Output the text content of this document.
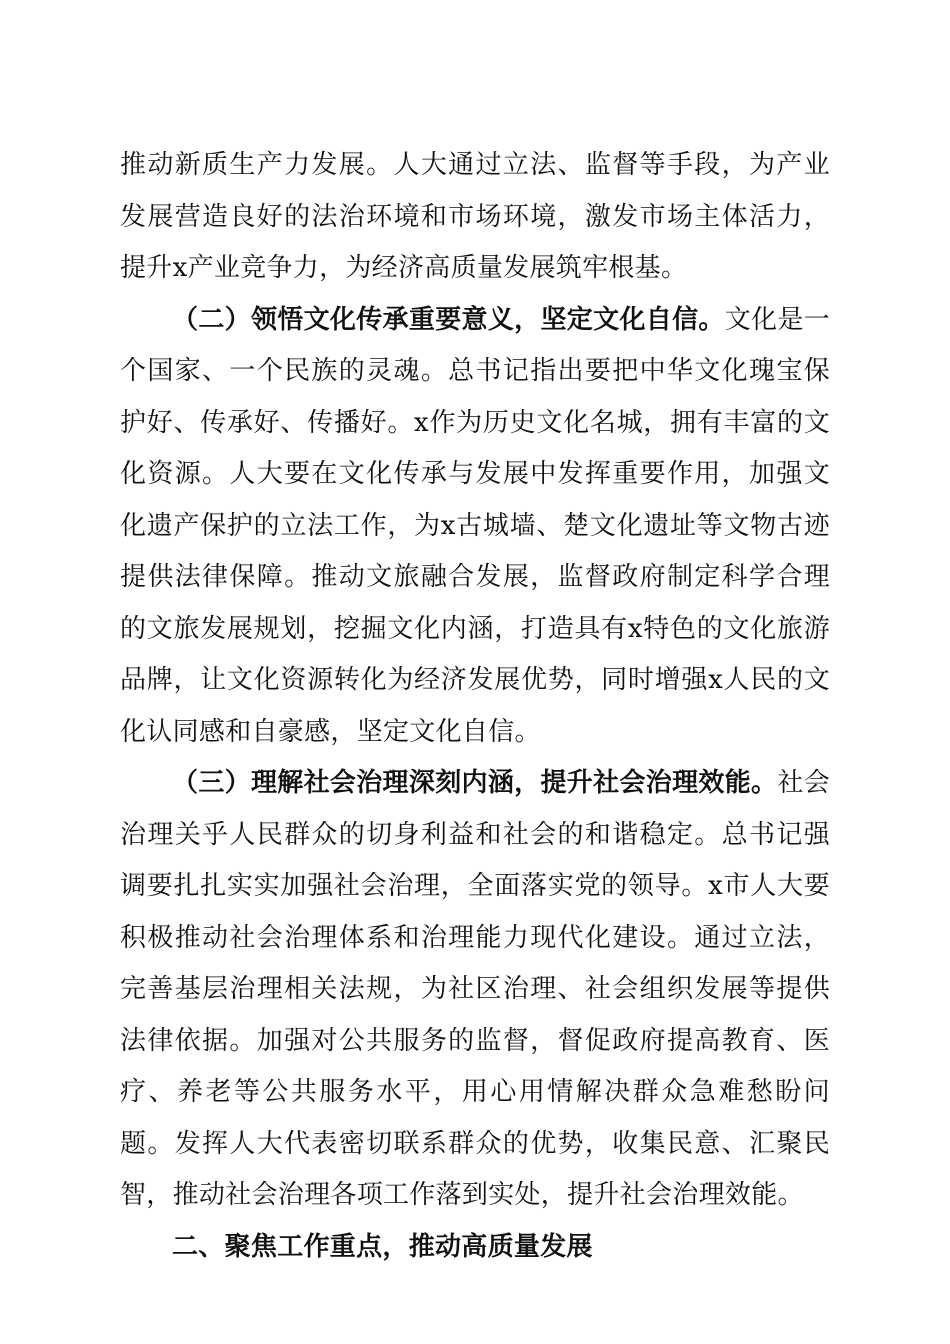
推动新质生产力发展。人大通过立法、监督等手段，为产业发展营造良好的法治环境和市场环境，激发市场主体活力，提升x产业竞争力，为经济高质量发展筑牢根基。

（二）领悟文化传承重要意义，坚定文化自信。文化是一个国家、一个民族的灵魂。总书记指出要把中华文化瑰宝保护好、传承好、传播好。x作为历史文化名城，拥有丰富的文化资源。人大要在文化传承与发展中发挥重要作用，加强文化遗产保护的立法工作，为x古城墙、楚文化遗址等文物古迹提供法律保障。推动文旅融合发展，监督政府制定科学合理的文旅发展规划，挖掘文化内涵，打造具有x特色的文化旅游品牌，让文化资源转化为经济发展优势，同时增强x人民的文化认同感和自豪感，坚定文化自信。

（三）理解社会治理深刻内涵，提升社会治理效能。社会治理关乎人民群众的切身利益和社会的和谐稳定。总书记强调要扎扎实实加强社会治理，全面落实党的领导。x市人大要积极推动社会治理体系和治理能力现代化建设。通过立法，完善基层治理相关法规，为社区治理、社会组织发展等提供法律依据。加强对公共服务的监督，督促政府提高教育、医疗、养老等公共服务水平，用心用情解决群众急难愁盼问题。发挥人大代表密切联系群众的优势，收集民意、汇聚民智，推动社会治理各项工作落到实处，提升社会治理效能。

二、聚焦工作重点，推动高质量发展
